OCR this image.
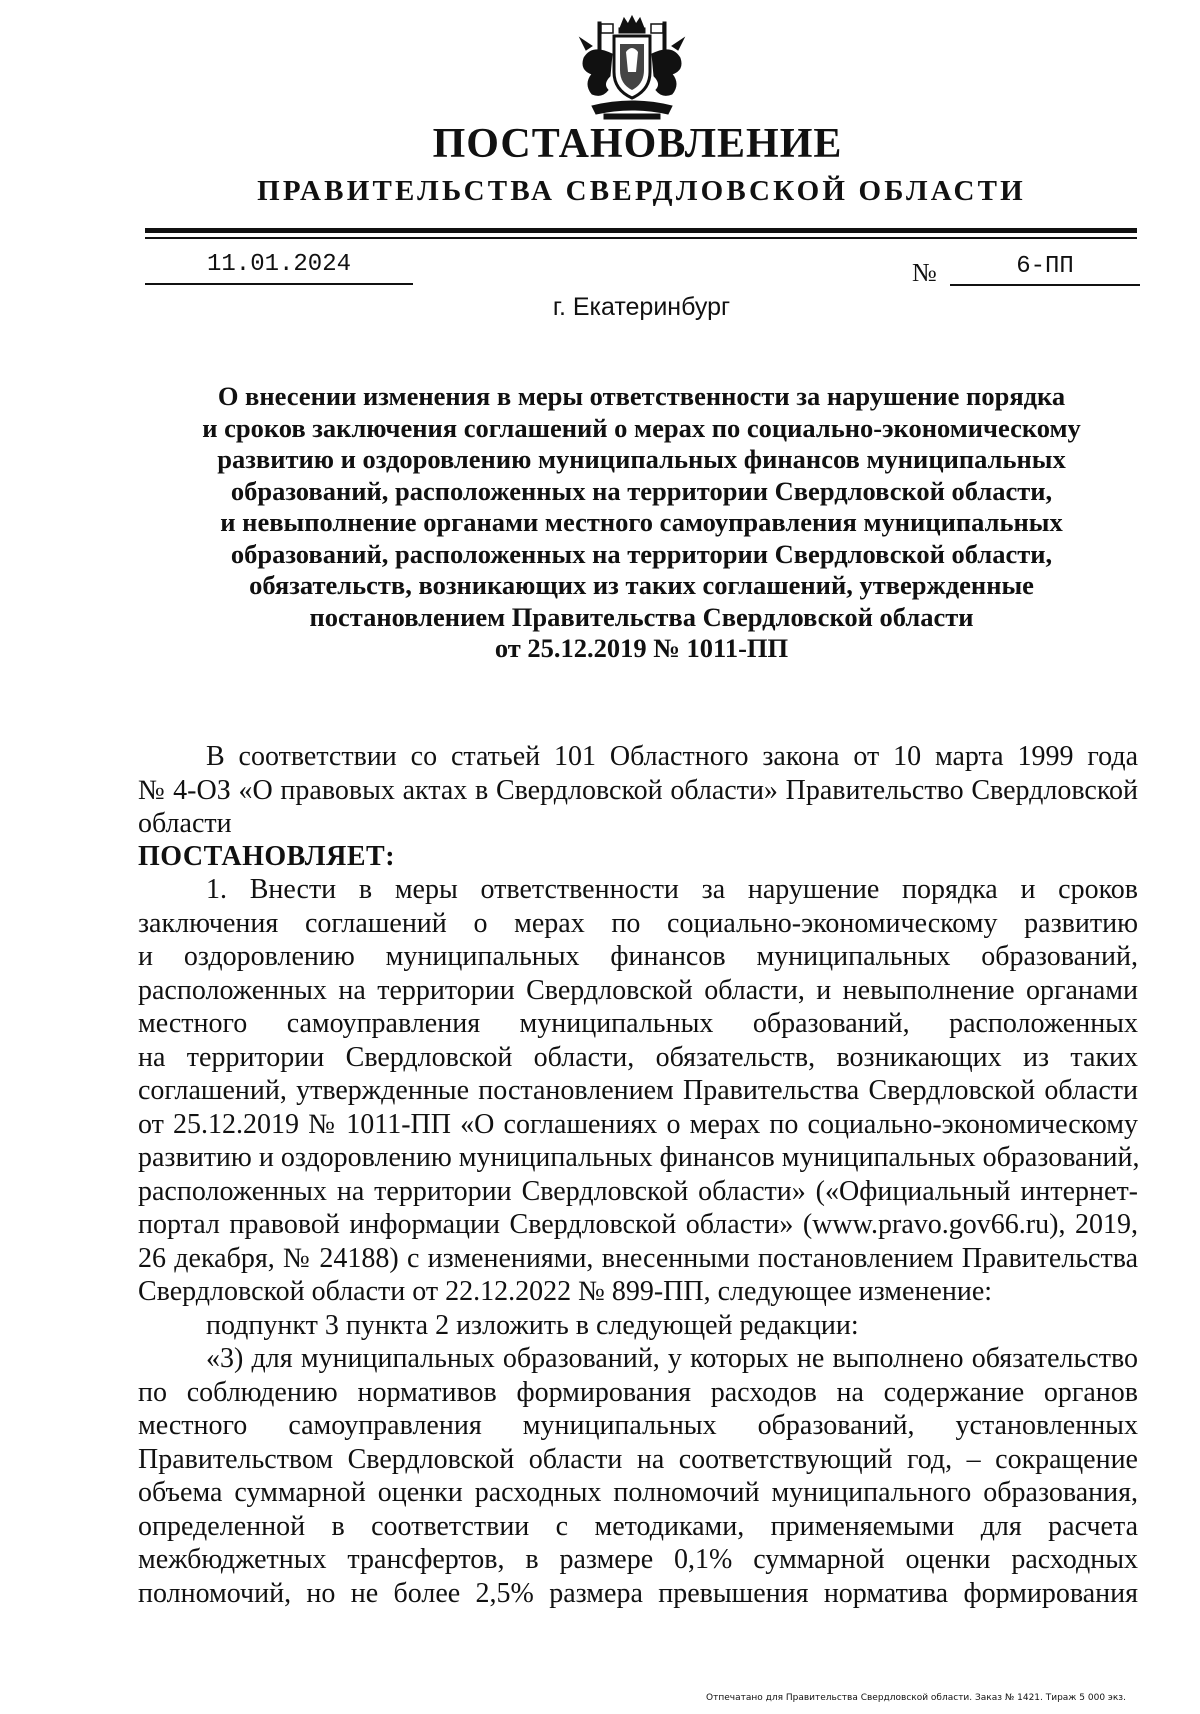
ПОСТАНОВЛЕНИЕ
ПРАВИТЕЛЬСТВА СВЕРДЛОВСКОЙ ОБЛАСТИ
11.01.2024	№	6-ПП
г. Екатеринбург
О внесении изменения в меры ответственности за нарушение порядка
и сроков заключения соглашений о мерах по социально-экономическому
развитию и оздоровлению муниципальных финансов муниципальных
образований, расположенных на территории Свердловской области,
и невыполнение органами местного самоуправления муниципальных
образований, расположенных на территории Свердловской области,
обязательств, возникающих из таких соглашений, утвержденные
постановлением Правительства Свердловской области
от 25.12.2019 № 1011-ПП
В соответствии со статьей 101 Областного закона от 10 марта 1999 года
№ 4-ОЗ «О правовых актах в Свердловской области» Правительство Свердловской
области
ПОСТАНОВЛЯЕТ:
1. Внести в меры ответственности за нарушение порядка и сроков
заключения соглашений о мерах по социально-экономическому развитию
и оздоровлению муниципальных финансов муниципальных образований,
расположенных на территории Свердловской области, и невыполнение органами
местного самоуправления муниципальных образований, расположенных
на территории Свердловской области, обязательств, возникающих из таких
соглашений, утвержденные постановлением Правительства Свердловской области
от 25.12.2019 № 1011-ПП «О соглашениях о мерах по социально-экономическому
развитию и оздоровлению муниципальных финансов муниципальных образований,
расположенных на территории Свердловской области» («Официальный интернет-
портал правовой информации Свердловской области» (www.pravo.gov66.ru), 2019,
26 декабря, № 24188) с изменениями, внесенными постановлением Правительства
Свердловской области от 22.12.2022 № 899-ПП, следующее изменение:
подпункт 3 пункта 2 изложить в следующей редакции:
«3) для муниципальных образований, у которых не выполнено обязательство
по соблюдению нормативов формирования расходов на содержание органов
местного самоуправления муниципальных образований, установленных
Правительством Свердловской области на соответствующий год, – сокращение
объема суммарной оценки расходных полномочий муниципального образования,
определенной в соответствии с методиками, применяемыми для расчета
межбюджетных трансфертов, в размере 0,1% суммарной оценки расходных
полномочий, но не более 2,5% размера превышения норматива формирования
Отпечатано для Правительства Свердловской области. Заказ № 1421. Тираж 5 000 экз.
